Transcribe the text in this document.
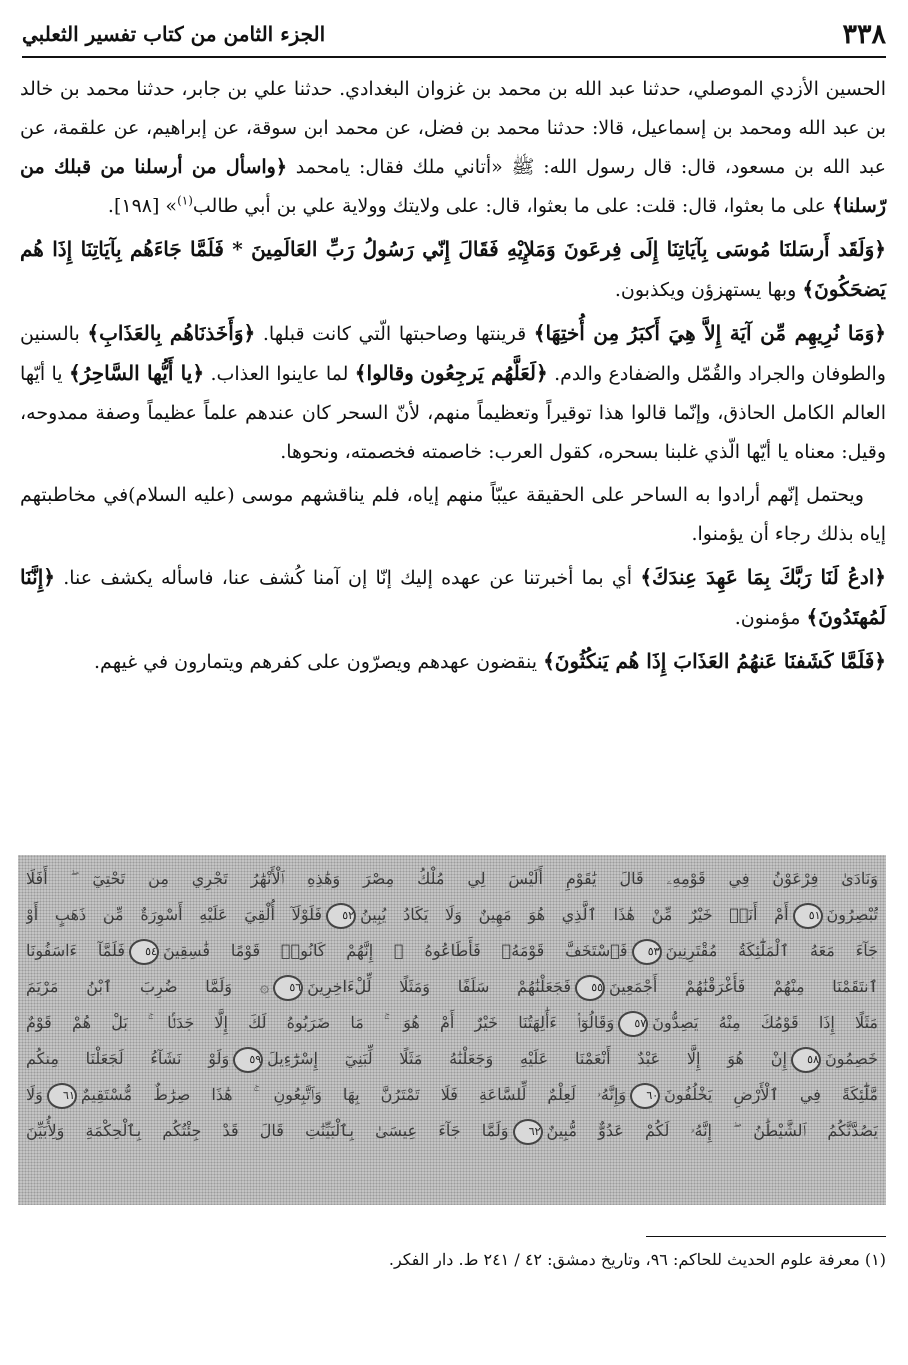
٣٣٨
الجزء الثامن من كتاب تفسير الثعلبي

الحسين الأزدي الموصلي، حدثنا عبد الله بن محمد بن غزوان البغدادي. حدثنا علي بن جابر، حدثنا محمد بن خالد بن عبد الله ومحمد بن إسماعيل، قالا: حدثنا محمد بن فضل، عن محمد ابن سوقة، عن إبراهيم، عن علقمة، عن عبد الله بن مسعود، قال: قال رسول الله: ﷺ «أتاني ملك فقال: يامحمد ﴿واسأل من أرسلنا من قبلك من رّسلنا﴾ على ما بعثوا، قال: قلت: على ما بعثوا، قال: على ولايتك وولاية علي بن أبي طالب$^{(١)}$» [١٩٨].

﴿وَلَقَد أَرسَلنَا مُوسَى بِآيَاتِنَا إِلَى فِرعَونَ وَمَلإِيْهِ فَقَالَ إِنّي رَسُولُ رَبِّ العَالَمِينَ * فَلَمَّا جَاءَهُم بِآيَاتِنَا إِذَا هُم يَضحَكُونَ﴾ وبها يستهزؤن ويكذبون.

﴿وَمَا نُرِيهِم مِّن آيَة إِلاَّ هِيَ أَكبَرُ مِن أُختِهَا﴾ قرينتها وصاحبتها الّتي كانت قبلها. ﴿وَأَخَذنَاهُم بِالعَذَابِ﴾ بالسنين والطوفان والجراد والقُمّل والضفادع والدم. ﴿لَعَلَّهُم يَرجِعُون وقالوا﴾ لما عاينوا العذاب. ﴿يا أَيُّها السَّاحِرُ﴾ يا أيّها العالم الكامل الحاذق، وإنّما قالوا هذا توقيراً وتعظيماً منهم، لأنّ السحر كان عندهم علماً عظيماً وصفة ممدوحه، وقيل: معناه يا أيّها الّذي غلبنا بسحره، كقول العرب: خاصمته فخصمته، ونحوها.

ويحتمل إنّهم أرادوا به الساحر على الحقيقة عيبّاً منهم إياه، فلم يناقشهم موسى (عليه السلام)في مخاطبتهم إياه بذلك رجاء أن يؤمنوا.

﴿ادعُ لَنَا رَبَّكَ بِمَا عَهِدَ عِندَكَ﴾ أي بما أخبرتنا عن عهده إليك إنّا إن آمنا كُشف عنا، فاسأله يكشف عنا. ﴿إِنَّنَا لَمُهتَدُونَ﴾ مؤمنون.

﴿فَلَمَّا كَشَفنَا عَنهُمُ العَذَابَ إِذَا هُم يَنكُثُونَ﴾ ينقضون عهدهم ويصرّون على كفرهم ويتمارون في غيهم.

وَنَادَىٰ فِرْعَوْنُ فِي قَوْمِهِۦ قَالَ يَٰقَوْمِ أَلَيْسَ لِي مُلْكُ مِصْرَ وَهَٰذِهِ ٱلْأَنْهَٰرُ تَجْرِي مِن تَحْتِيٓ ۖ أَفَلَا
تُبْصِرُونَ٥١أَمْ أَنَا۠ خَيْرٌ مِّنْ هَٰذَا ٱلَّذِي هُوَ مَهِينٌ وَلَا يَكَادُ يُبِينُ٥٢فَلَوْلَآ أُلْقِيَ عَلَيْهِ أَسْوِرَةٌ مِّن ذَهَبٍ أَوْ
جَآءَ مَعَهُ ٱلْمَلَٰٓئِكَةُ مُقْتَرِنِينَ٥٣فَٱسْتَخَفَّ قَوْمَهُۥ فَأَطَاعُوهُ ۚ إِنَّهُمْ كَانُوا۟ قَوْمًا فَٰسِقِينَ٥٤فَلَمَّآ ءَاسَفُونَا
ٱنتَقَمْنَا مِنْهُمْ فَأَغْرَقْنَٰهُمْ أَجْمَعِينَ٥٥فَجَعَلْنَٰهُمْ سَلَفًا وَمَثَلًا لِّلْءَاخِرِينَ٥٦۞ وَلَمَّا ضُرِبَ ٱبْنُ مَرْيَمَ
مَثَلًا إِذَا قَوْمُكَ مِنْهُ يَصِدُّونَ٥٧وَقَالُوٓا۟ ءَأَٰلِهَتُنَا خَيْرٌ أَمْ هُوَ ۚ مَا ضَرَبُوهُ لَكَ إِلَّا جَدَلًۢا ۚ بَلْ هُمْ قَوْمٌ
خَصِمُونَ٥٨إِنْ هُوَ إِلَّا عَبْدٌ أَنْعَمْنَا عَلَيْهِ وَجَعَلْنَٰهُ مَثَلًا لِّبَنِيٓ إِسْرَٰٓءِيلَ٥٩وَلَوْ نَشَآءُ لَجَعَلْنَا مِنكُم
مَّلَٰٓئِكَةً فِي ٱلْأَرْضِ يَخْلُفُونَ٦٠وَإِنَّهُۥ لَعِلْمٌ لِّلسَّاعَةِ فَلَا تَمْتَرُنَّ بِهَا وَٱتَّبِعُونِ ۚ هَٰذَا صِرَٰطٌ مُّسْتَقِيمٌ٦١وَلَا
يَصُدَّنَّكُمُ ٱلشَّيْطَٰنُ ۖ إِنَّهُۥ لَكُمْ عَدُوٌّ مُّبِينٌ٦٢وَلَمَّا جَآءَ عِيسَىٰ بِٱلْبَيِّنَٰتِ قَالَ قَدْ جِئْتُكُم بِٱلْحِكْمَةِ وَلِأُبَيِّنَ
(١) معرفة علوم الحديث للحاكم: ٩٦، وتاريخ دمشق: ٤٢ / ٢٤١ ط. دار الفكر.
